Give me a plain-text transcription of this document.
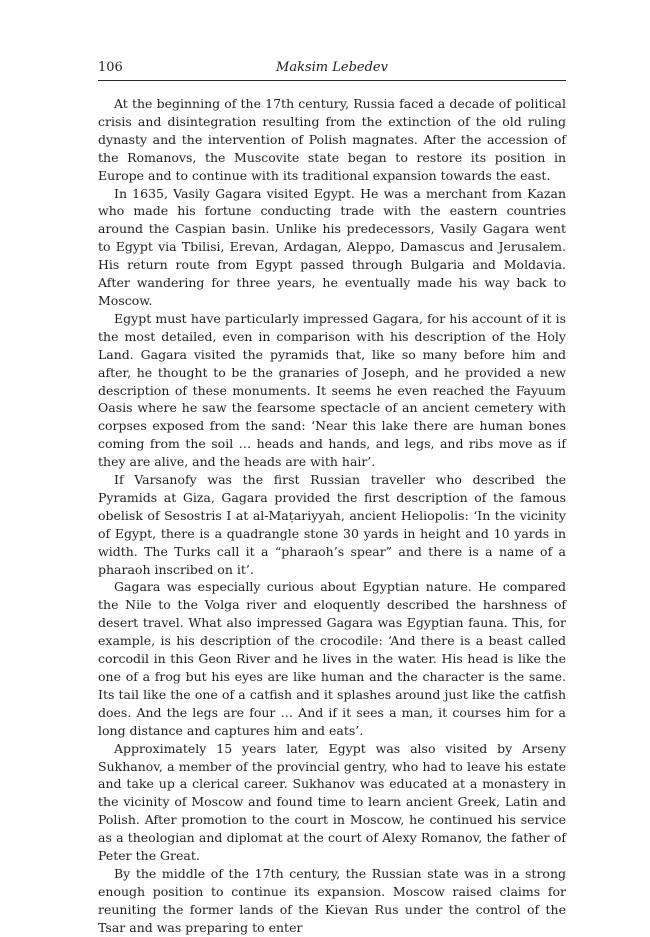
106	Maksim Lebedev

At the beginning of the 17th century, Russia faced a decade of political crisis and disintegration resulting from the extinction of the old ruling dynasty and the intervention of Polish magnates. After the accession of the Romanovs, the Muscovite state began to restore its position in Europe and to continue with its traditional expansion towards the east.

In 1635, Vasily Gagara visited Egypt. He was a merchant from Kazan who made his fortune conducting trade with the eastern countries around the Caspian basin. Unlike his predecessors, Vasily Gagara went to Egypt via Tbilisi, Erevan, Ardagan, Aleppo, Damascus and Jerusalem. His return route from Egypt passed through Bulgaria and Moldavia. After wandering for three years, he eventually made his way back to Moscow.

Egypt must have particularly impressed Gagara, for his account of it is the most detailed, even in comparison with his description of the Holy Land. Gagara visited the pyramids that, like so many before him and after, he thought to be the granaries of Joseph, and he provided a new description of these monuments. It seems he even reached the Fayuum Oasis where he saw the fearsome spectacle of an ancient cemetery with corpses exposed from the sand: ‘Near this lake there are human bones coming from the soil … heads and hands, and legs, and ribs move as if they are alive, and the heads are with hair’.

If Varsanofy was the first Russian traveller who described the Pyramids at Giza, Gagara provided the first description of the famous obelisk of Sesostris I at al-Maṭariyyah, ancient Heliopolis: ‘In the vicinity of Egypt, there is a quadrangle stone 30 yards in height and 10 yards in width. The Turks call it a “pharaoh’s spear” and there is a name of a pharaoh inscribed on it’.

Gagara was especially curious about Egyptian nature. He compared the Nile to the Volga river and eloquently described the harshness of desert travel. What also impressed Gagara was Egyptian fauna. This, for example, is his description of the crocodile: ‘And there is a beast called corcodil in this Geon River and he lives in the water. His head is like the one of a frog but his eyes are like human and the character is the same. Its tail like the one of a catfish and it splashes around just like the catfish does. And the legs are four … And if it sees a man, it courses him for a long distance and captures him and eats’.

Approximately 15 years later, Egypt was also visited by Arseny Sukhanov, a member of the provincial gentry, who had to leave his estate and take up a clerical career. Sukhanov was educated at a monastery in the vicinity of Moscow and found time to learn ancient Greek, Latin and Polish. After promotion to the court in Moscow, he continued his service as a theologian and diplomat at the court of Alexy Romanov, the father of Peter the Great.

By the middle of the 17th century, the Russian state was in a strong enough position to continue its expansion. Moscow raised claims for reuniting the former lands of the Kievan Rus under the control of the Tsar and was preparing to enter
